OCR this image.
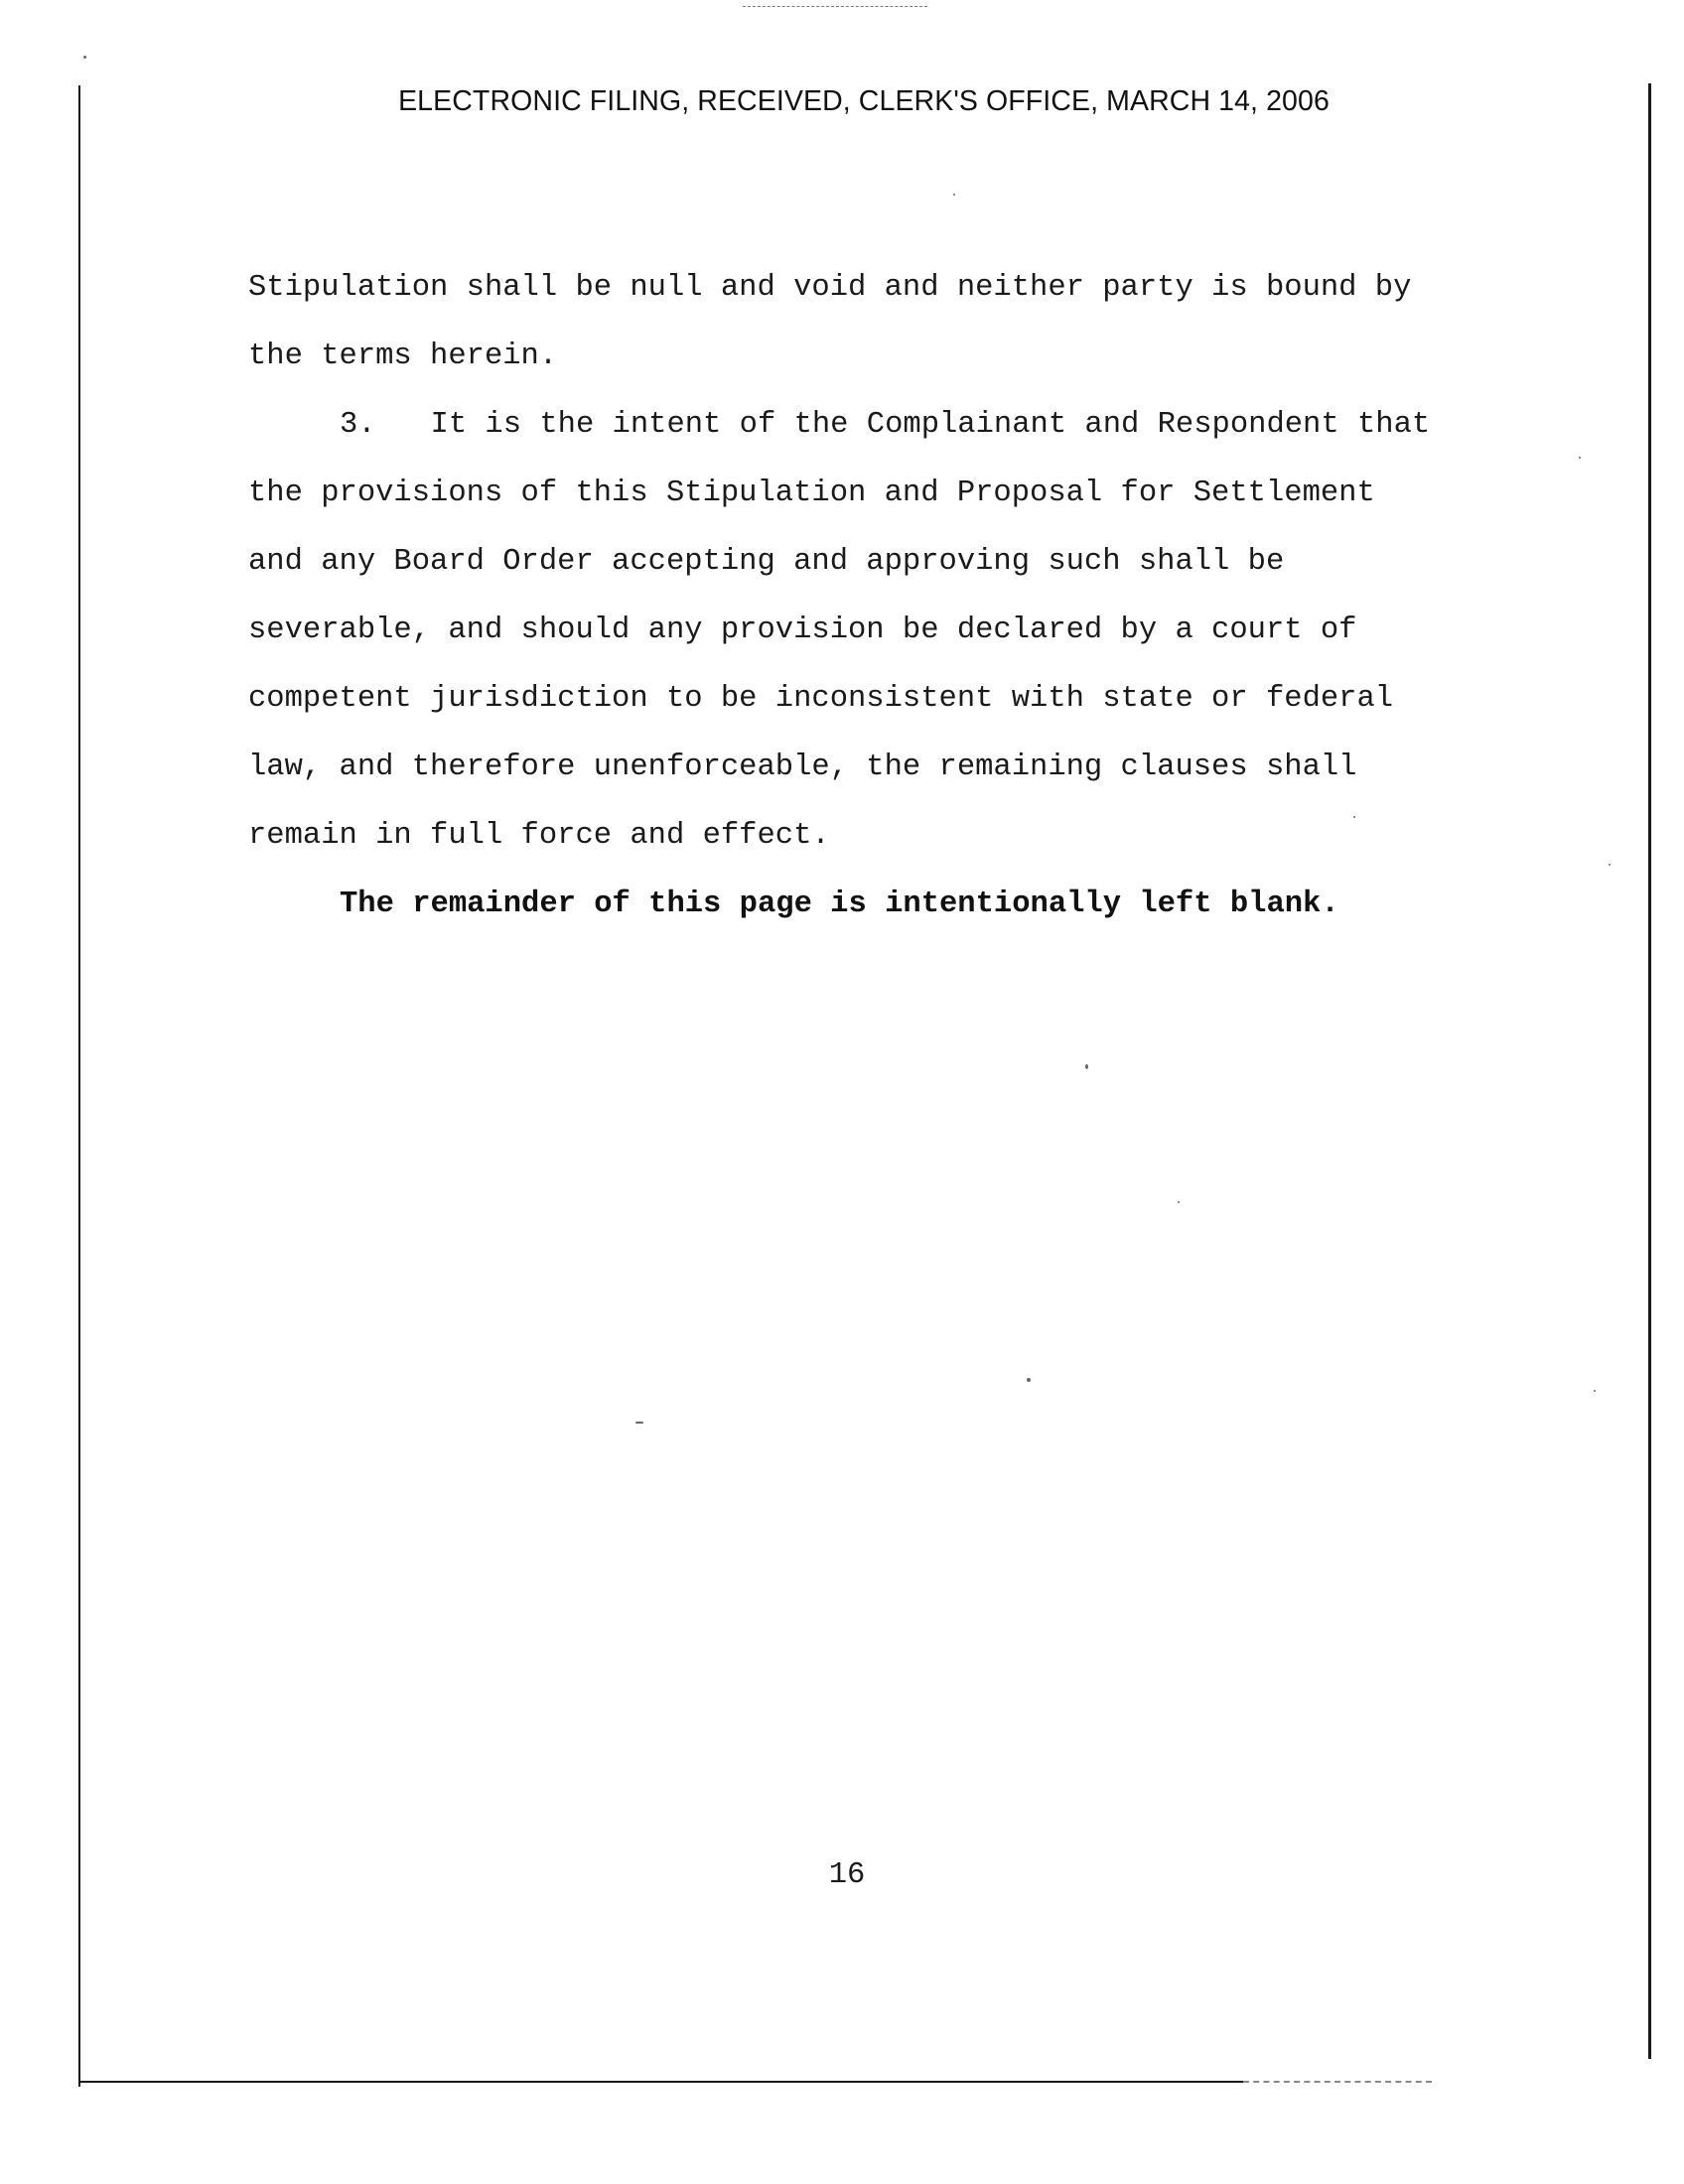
ELECTRONIC FILING, RECEIVED, CLERK'S OFFICE, MARCH 14, 2006
Stipulation shall be null and void and neither party is bound by
the terms herein.
3.   It is the intent of the Complainant and Respondent that
the provisions of this Stipulation and Proposal for Settlement
and any Board Order accepting and approving such shall be
severable, and should any provision be declared by a court of
competent jurisdiction to be inconsistent with state or federal
law, and therefore unenforceable, the remaining clauses shall
remain in full force and effect.
The remainder of this page is intentionally left blank.
16
